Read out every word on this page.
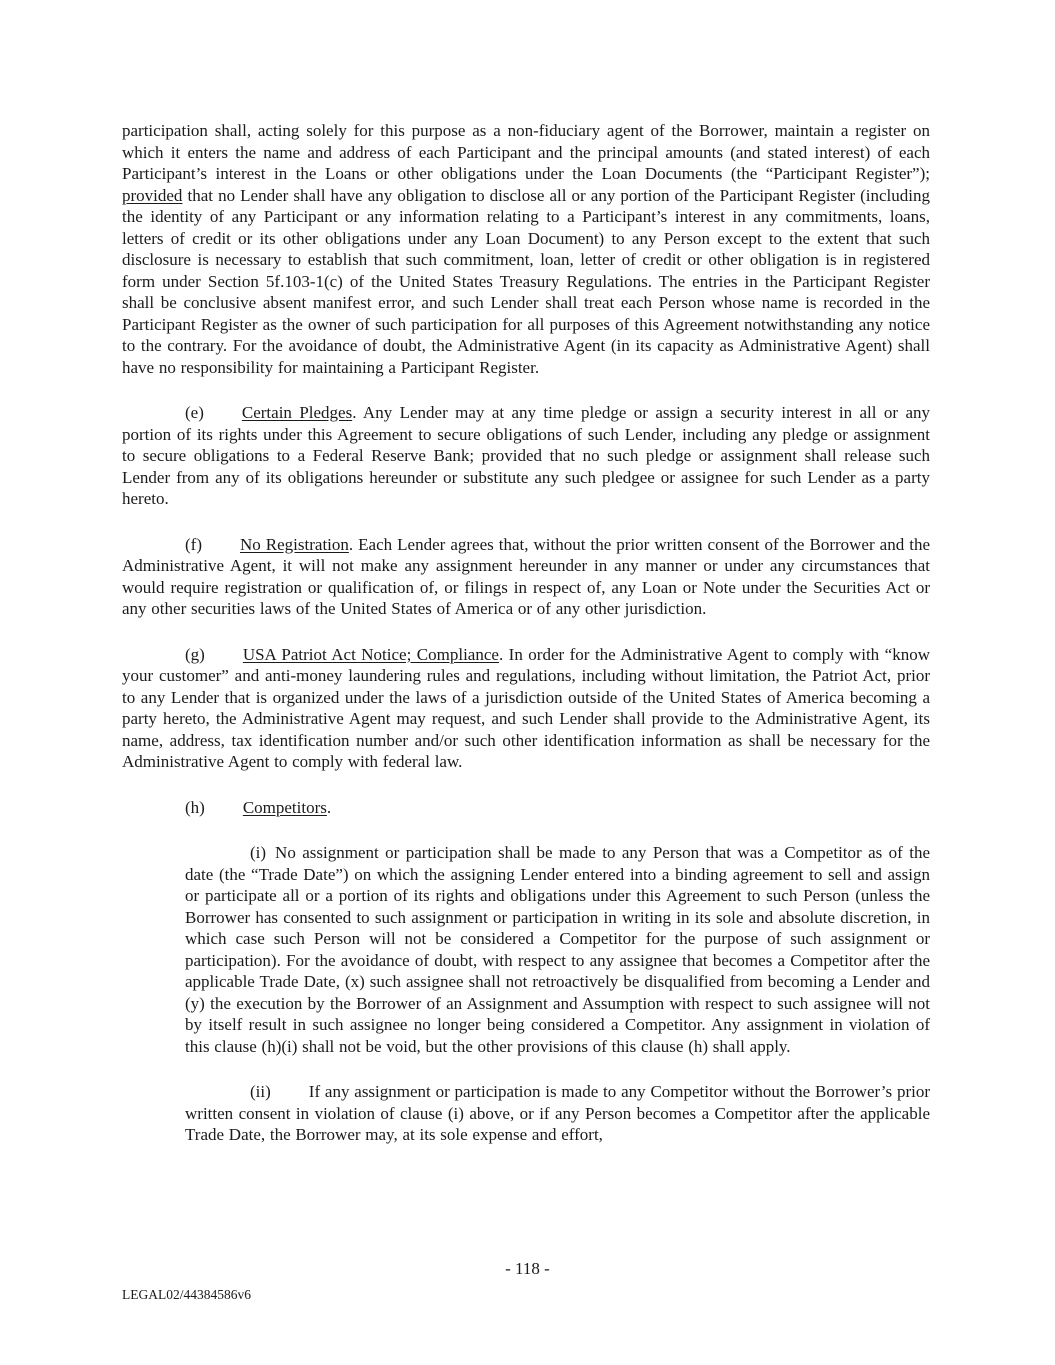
participation shall, acting solely for this purpose as a non-fiduciary agent of the Borrower, maintain a register on which it enters the name and address of each Participant and the principal amounts (and stated interest) of each Participant’s interest in the Loans or other obligations under the Loan Documents (the “Participant Register”); provided that no Lender shall have any obligation to disclose all or any portion of the Participant Register (including the identity of any Participant or any information relating to a Participant’s interest in any commitments, loans, letters of credit or its other obligations under any Loan Document) to any Person except to the extent that such disclosure is necessary to establish that such commitment, loan, letter of credit or other obligation is in registered form under Section 5f.103-1(c) of the United States Treasury Regulations. The entries in the Participant Register shall be conclusive absent manifest error, and such Lender shall treat each Person whose name is recorded in the Participant Register as the owner of such participation for all purposes of this Agreement notwithstanding any notice to the contrary. For the avoidance of doubt, the Administrative Agent (in its capacity as Administrative Agent) shall have no responsibility for maintaining a Participant Register.

(e) Certain Pledges. Any Lender may at any time pledge or assign a security interest in all or any portion of its rights under this Agreement to secure obligations of such Lender, including any pledge or assignment to secure obligations to a Federal Reserve Bank; provided that no such pledge or assignment shall release such Lender from any of its obligations hereunder or substitute any such pledgee or assignee for such Lender as a party hereto.

(f) No Registration. Each Lender agrees that, without the prior written consent of the Borrower and the Administrative Agent, it will not make any assignment hereunder in any manner or under any circumstances that would require registration or qualification of, or filings in respect of, any Loan or Note under the Securities Act or any other securities laws of the United States of America or of any other jurisdiction.

(g) USA Patriot Act Notice; Compliance. In order for the Administrative Agent to comply with “know your customer” and anti-money laundering rules and regulations, including without limitation, the Patriot Act, prior to any Lender that is organized under the laws of a jurisdiction outside of the United States of America becoming a party hereto, the Administrative Agent may request, and such Lender shall provide to the Administrative Agent, its name, address, tax identification number and/or such other identification information as shall be necessary for the Administrative Agent to comply with federal law.

(h) Competitors.

(i) No assignment or participation shall be made to any Person that was a Competitor as of the date (the “Trade Date”) on which the assigning Lender entered into a binding agreement to sell and assign or participate all or a portion of its rights and obligations under this Agreement to such Person (unless the Borrower has consented to such assignment or participation in writing in its sole and absolute discretion, in which case such Person will not be considered a Competitor for the purpose of such assignment or participation). For the avoidance of doubt, with respect to any assignee that becomes a Competitor after the applicable Trade Date, (x) such assignee shall not retroactively be disqualified from becoming a Lender and (y) the execution by the Borrower of an Assignment and Assumption with respect to such assignee will not by itself result in such assignee no longer being considered a Competitor. Any assignment in violation of this clause (h)(i) shall not be void, but the other provisions of this clause (h) shall apply.

(ii) If any assignment or participation is made to any Competitor without the Borrower’s prior written consent in violation of clause (i) above, or if any Person becomes a Competitor after the applicable Trade Date, the Borrower may, at its sole expense and effort,

- 118 -
LEGAL02/44384586v6
